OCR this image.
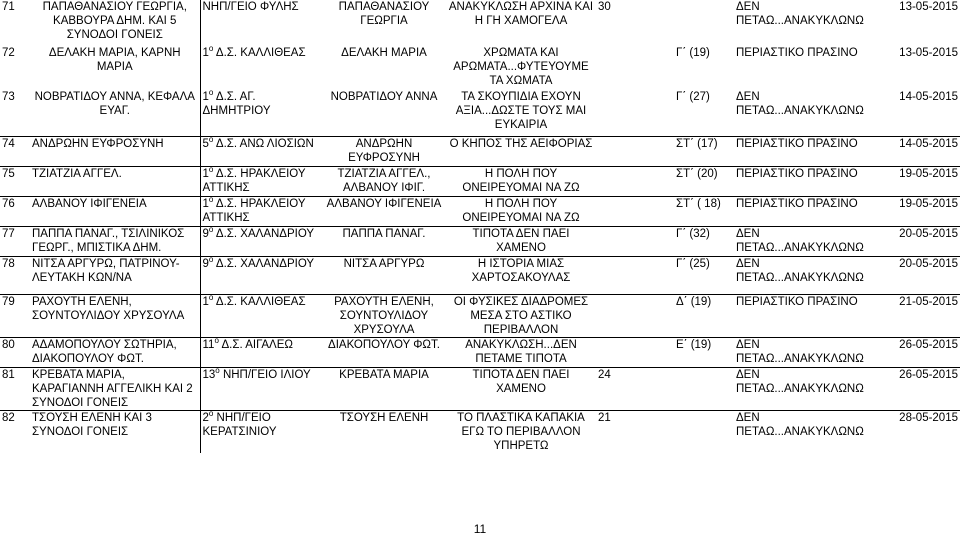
71	ΠΑΠΑΘΑΝΑΣΙΟΥ ΓΕΩΡΓΙΑ, ΚΑΒΒΟΥΡΑ ΔΗΜ. ΚΑΙ 5 ΣΥΝΟΔΟΙ ΓΟΝΕΙΣ	ΝΗΠ/ΓΕΙΟ ΦΥΛΗΣ	ΠΑΠΑΘΑΝΑΣΙΟΥ ΓΕΩΡΓΙΑ	ΑΝΑΚΥΚΛΩΣΗ ΑΡΧΙΝΑ ΚΑΙ Η ΓΗ ΧΑΜΟΓΕΛΑ	30		ΔΕΝ ΠΕΤΑΩ...ΑΝΑΚΥΚΛΩΝΩ	13-05-2015
72	ΔΕΛΑΚΗ ΜΑΡΙΑ, ΚΑΡΝΗ ΜΑΡΙΑ	$1^o$ Δ.Σ. ΚΑΛΛΙΘΕΑΣ	ΔΕΛΑΚΗ ΜΑΡΙΑ	ΧΡΩΜΑΤΑ ΚΑΙ ΑΡΩΜΑΤΑ...ΦΥΤΕΥΟΥΜΕ ΤΑ ΧΩΜΑΤΑ		Γ΄ (19)	ΠΕΡΙΑΣΤΙΚΟ ΠΡΑΣΙΝΟ	13-05-2015
73	ΝΟΒΡΑΤΙΔΟΥ ΑΝΝΑ, ΚΕΦΑΛΑ ΕΥΑΓ.	$1^o$ Δ.Σ. ΑΓ. ΔΗΜΗΤΡΙΟΥ	ΝΟΒΡΑΤΙΔΟΥ ΑΝΝΑ	ΤΑ ΣΚΟΥΠΙΔΙΑ ΕΧΟΥΝ ΑΞΙΑ...ΔΩΣΤΕ ΤΟΥΣ ΜΑΙ ΕΥΚΑΙΡΙΑ		Γ΄ (27)	ΔΕΝ ΠΕΤΑΩ...ΑΝΑΚΥΚΛΩΝΩ	14-05-2015
74	ΑΝΔΡΩΗΝ ΕΥΦΡΟΣΥΝΗ	$5^o$ Δ.Σ. ΑΝΩ ΛΙΟΣΙΩΝ	ΑΝΔΡΩΗΝ ΕΥΦΡΟΣΥΝΗ	Ο ΚΗΠΟΣ ΤΗΣ ΑΕΙΦΟΡΙΑΣ		ΣΤ΄ (17)	ΠΕΡΙΑΣΤΙΚΟ ΠΡΑΣΙΝΟ	14-05-2015
75	ΤΖΙΑΤΖΙΑ ΑΓΓΕΛ.	$1^o$ Δ.Σ. ΗΡΑΚΛΕΙΟΥ ΑΤΤΙΚΗΣ	ΤΖΙΑΤΖΙΑ ΑΓΓΕΛ., ΑΛΒΑΝΟΥ ΙΦΙΓ.	Η ΠΟΛΗ ΠΟΥ ΟΝΕΙΡΕΥΟΜΑΙ ΝΑ ΖΩ		ΣΤ΄ (20)	ΠΕΡΙΑΣΤΙΚΟ ΠΡΑΣΙΝΟ	19-05-2015
76	ΑΛΒΑΝΟΥ ΙΦΙΓΕΝΕΙΑ	$1^o$ Δ.Σ. ΗΡΑΚΛΕΙΟΥ ΑΤΤΙΚΗΣ	ΑΛΒΑΝΟΥ ΙΦΙΓΕΝΕΙΑ	Η ΠΟΛΗ ΠΟΥ ΟΝΕΙΡΕΥΟΜΑΙ ΝΑ ΖΩ		ΣΤ΄ ( 18)	ΠΕΡΙΑΣΤΙΚΟ ΠΡΑΣΙΝΟ	19-05-2015
77	ΠΑΠΠΑ ΠΑΝΑΓ., ΤΣΙΛΙΝΙΚΟΣ ΓΕΩΡΓ., ΜΠΙΣΤΙΚΑ ΔΗΜ.	$9^o$ Δ.Σ. ΧΑΛΑΝΔΡΙΟΥ	ΠΑΠΠΑ ΠΑΝΑΓ.	ΤΙΠΟΤΑ ΔΕΝ ΠΑΕΙ ΧΑΜΕΝΟ		Γ΄ (32)	ΔΕΝ ΠΕΤΑΩ...ΑΝΑΚΥΚΛΩΝΩ	20-05-2015
78	ΝΙΤΣΑ ΑΡΓΥΡΩ, ΠΑΤΡΙΝΟΥ-ΛΕΥΤΑΚΗ ΚΩΝ/ΝΑ	$9^o$ Δ.Σ. ΧΑΛΑΝΔΡΙΟΥ	ΝΙΤΣΑ ΑΡΓΥΡΩ	Η ΙΣΤΟΡΙΑ ΜΙΑΣ ΧΑΡΤΟΣΑΚΟΥΛΑΣ		Γ΄ (25)	ΔΕΝ ΠΕΤΑΩ...ΑΝΑΚΥΚΛΩΝΩ	20-05-2015
79	ΡΑΧΟΥΤΗ ΕΛΕΝΗ, ΣΟΥΝΤΟΥΛΙΔΟΥ ΧΡΥΣΟΥΛΑ	$1^o$ Δ.Σ. ΚΑΛΛΙΘΕΑΣ	ΡΑΧΟΥΤΗ ΕΛΕΝΗ, ΣΟΥΝΤΟΥΛΙΔΟΥ ΧΡΥΣΟΥΛΑ	ΟΙ ΦΥΣΙΚΕΣ ΔΙΑΔΡΟΜΕΣ ΜΕΣΑ ΣΤΟ ΑΣΤΙΚΟ ΠΕΡΙΒΑΛΛΟΝ		Δ΄ (19)	ΠΕΡΙΑΣΤΙΚΟ ΠΡΑΣΙΝΟ	21-05-2015
80	ΑΔΑΜΟΠΟΥΛΟΥ ΣΩΤΗΡΙΑ, ΔΙΑΚΟΠΟΥΛΟΥ ΦΩΤ.	$11^o$ Δ.Σ. ΑΙΓΑΛΕΩ	ΔΙΑΚΟΠΟΥΛΟΥ ΦΩΤ.	ΑΝΑΚΥΚΛΩΣΗ...ΔΕΝ ΠΕΤΑΜΕ ΤΙΠΟΤΑ		Ε΄ (19)	ΔΕΝ ΠΕΤΑΩ...ΑΝΑΚΥΚΛΩΝΩ	26-05-2015
81	ΚΡΕΒΑΤΑ ΜΑΡΙΑ, ΚΑΡΑΓΙΑΝΝΗ ΑΓΓΕΛΙΚΗ ΚΑΙ 2 ΣΥΝΟΔΟΙ ΓΟΝΕΙΣ	$13^o$ ΝΗΠ/ΓΕΙΟ ΙΛΙΟΥ	ΚΡΕΒΑΤΑ ΜΑΡΙΑ	ΤΙΠΟΤΑ ΔΕΝ ΠΑΕΙ ΧΑΜΕΝΟ	24		ΔΕΝ ΠΕΤΑΩ...ΑΝΑΚΥΚΛΩΝΩ	26-05-2015
82	ΤΣΟΥΣΗ ΕΛΕΝΗ ΚΑΙ 3 ΣΥΝΟΔΟΙ ΓΟΝΕΙΣ	$2^o$ ΝΗΠ/ΓΕΙΟ ΚΕΡΑΤΣΙΝΙΟΥ	ΤΣΟΥΣΗ ΕΛΕΝΗ	ΤΟ ΠΛΑΣΤΙΚΑ ΚΑΠΑΚΙΑ ΕΓΩ ΤΟ ΠΕΡΙΒΑΛΛΟΝ ΥΠΗΡΕΤΩ	21		ΔΕΝ ΠΕΤΑΩ...ΑΝΑΚΥΚΛΩΝΩ	28-05-2015
11
